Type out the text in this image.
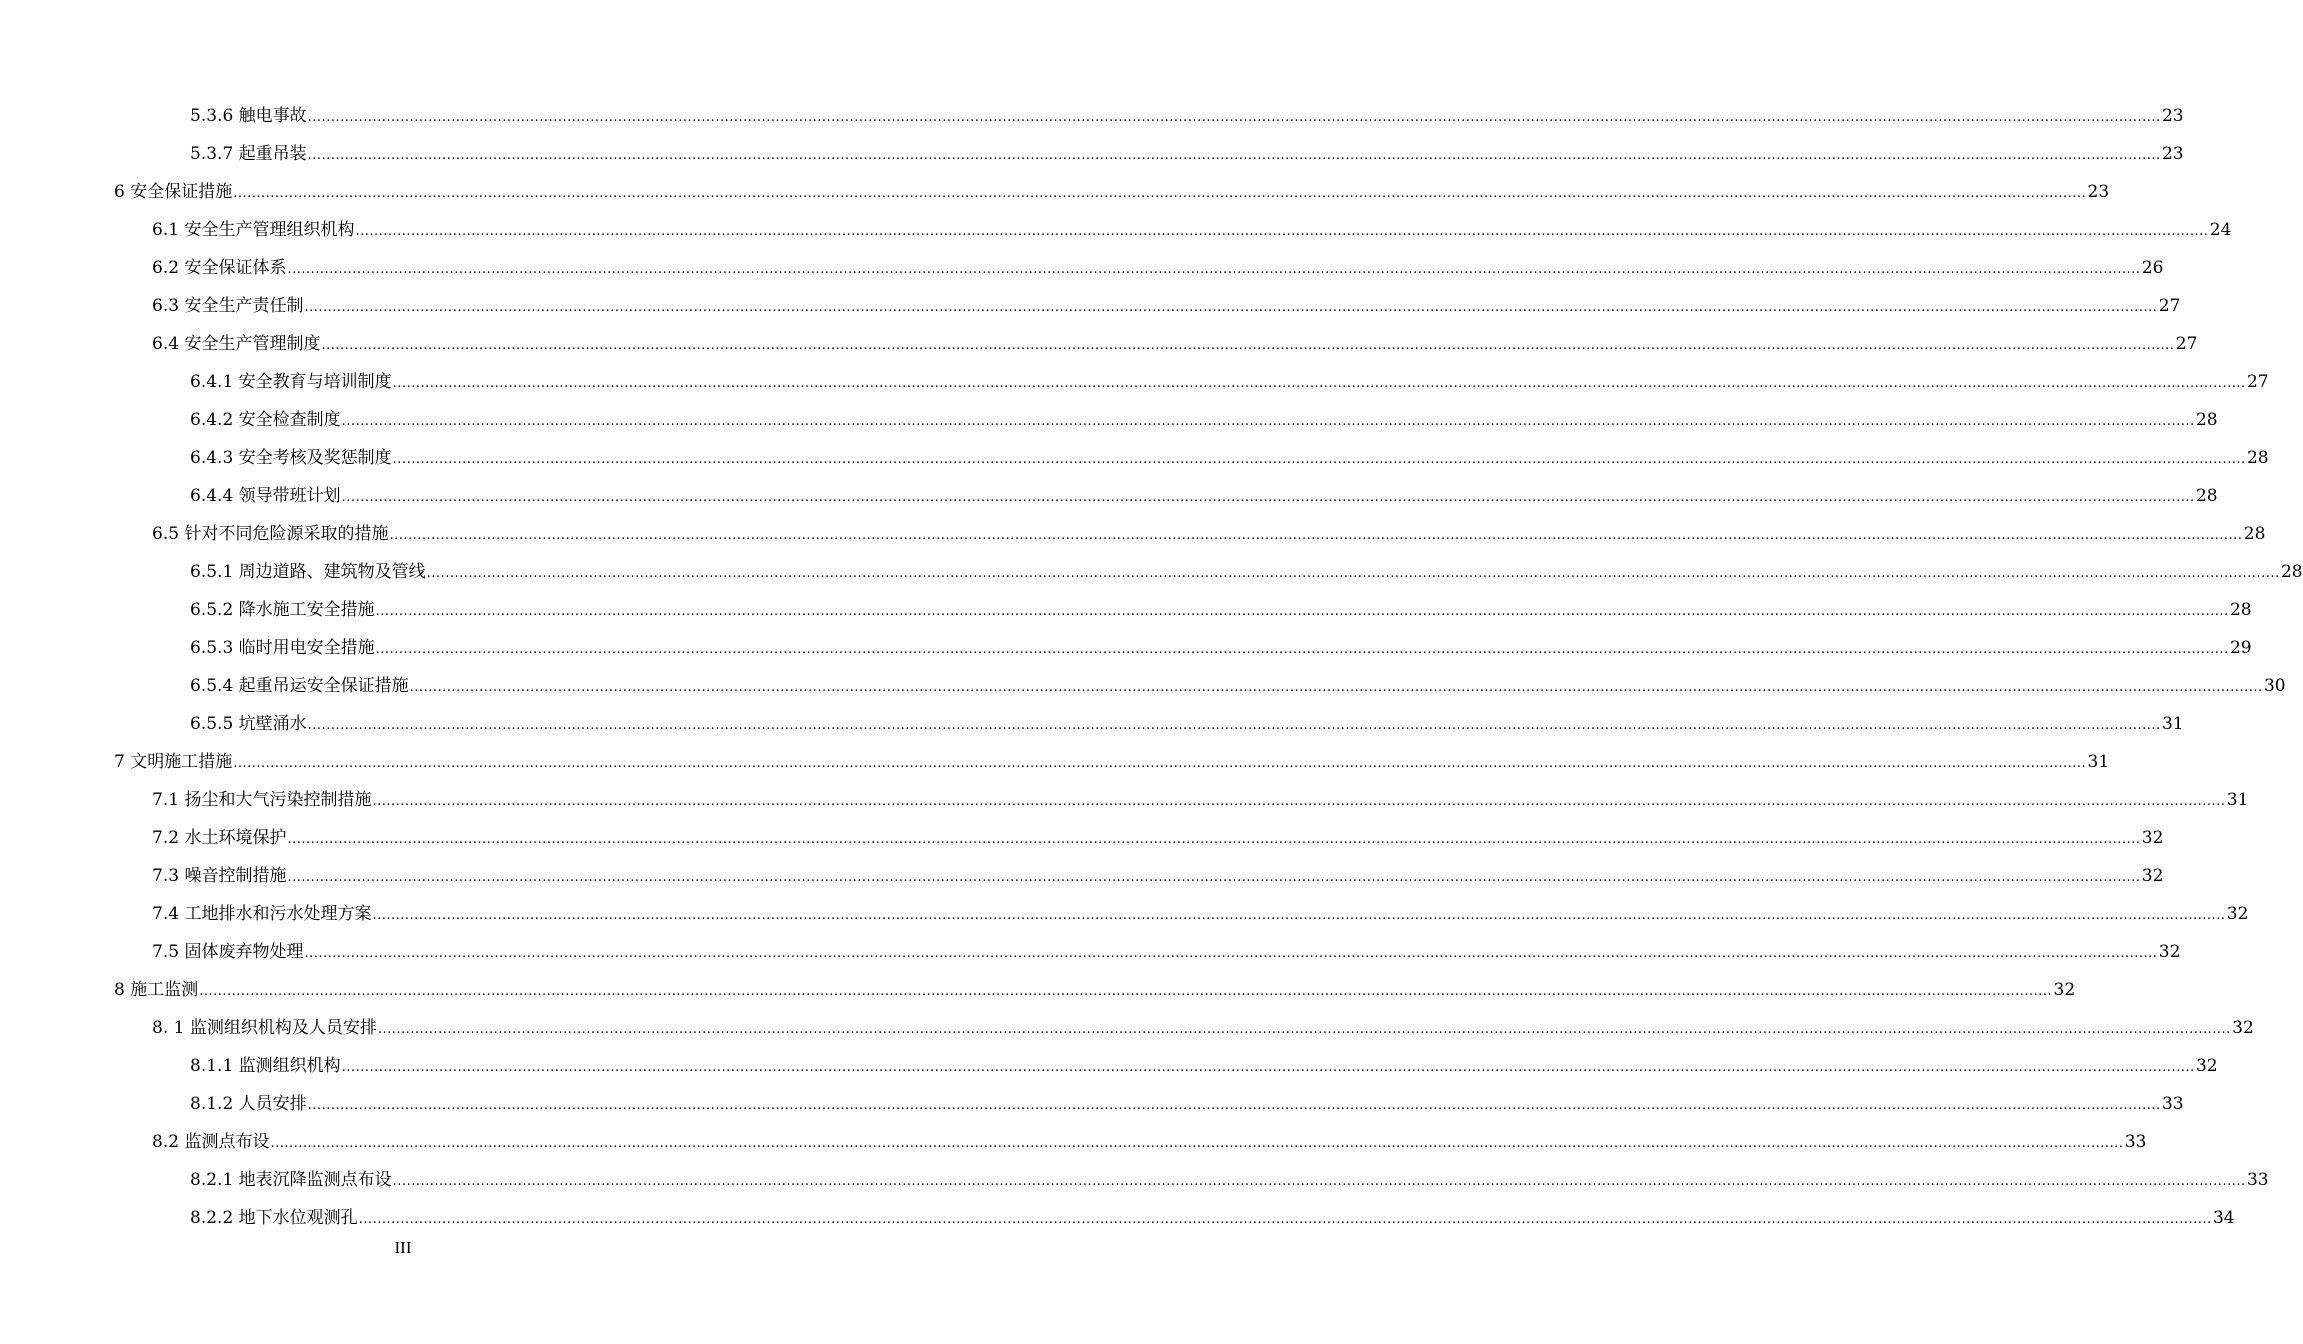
5.3.6 触电事故 ................................................................................................................................................................................................................................................................................................................................................................................................................ 23
5.3.7 起重吊装 ................................................................................................................................................................................................................................................................................................................................................................................................................ 23
6 安全保证措施 ................................................................................................................................................................................................................................................................................................................................................................................................................ 23
6.1 安全生产管理组织机构 ................................................................................................................................................................................................................................................................................................................................................................................................................ 24
6.2 安全保证体系 ................................................................................................................................................................................................................................................................................................................................................................................................................ 26
6.3 安全生产责任制 ................................................................................................................................................................................................................................................................................................................................................................................................................ 27
6.4 安全生产管理制度 ................................................................................................................................................................................................................................................................................................................................................................................................................ 27
6.4.1 安全教育与培训制度 ................................................................................................................................................................................................................................................................................................................................................................................................................ 27
6.4.2 安全检查制度 ................................................................................................................................................................................................................................................................................................................................................................................................................ 28
6.4.3 安全考核及奖惩制度 ................................................................................................................................................................................................................................................................................................................................................................................................................ 28
6.4.4 领导带班计划 ................................................................................................................................................................................................................................................................................................................................................................................................................ 28
6.5 针对不同危险源采取的措施 ................................................................................................................................................................................................................................................................................................................................................................................................................ 28
6.5.1 周边道路、建筑物及管线 ................................................................................................................................................................................................................................................................................................................................................................................................................ 28
6.5.2 降水施工安全措施 ................................................................................................................................................................................................................................................................................................................................................................................................................ 28
6.5.3 临时用电安全措施 ................................................................................................................................................................................................................................................................................................................................................................................................................ 29
6.5.4 起重吊运安全保证措施 ................................................................................................................................................................................................................................................................................................................................................................................................................ 30
6.5.5 坑壁涌水 ................................................................................................................................................................................................................................................................................................................................................................................................................ 31
7 文明施工措施 ................................................................................................................................................................................................................................................................................................................................................................................................................ 31
7.1 扬尘和大气污染控制措施 ................................................................................................................................................................................................................................................................................................................................................................................................................ 31
7.2 水土环境保护 ................................................................................................................................................................................................................................................................................................................................................................................................................ 32
7.3 噪音控制措施 ................................................................................................................................................................................................................................................................................................................................................................................................................ 32
7.4 工地排水和污水处理方案 ................................................................................................................................................................................................................................................................................................................................................................................................................ 32
7.5 固体废弃物处理 ................................................................................................................................................................................................................................................................................................................................................................................................................ 32
8 施工监测 ................................................................................................................................................................................................................................................................................................................................................................................................................ 32
8. 1 监测组织机构及人员安排 ................................................................................................................................................................................................................................................................................................................................................................................................................ 32
8.1.1 监测组织机构 ................................................................................................................................................................................................................................................................................................................................................................................................................ 32
8.1.2 人员安排 ................................................................................................................................................................................................................................................................................................................................................................................................................ 33
8.2 监测点布设 ................................................................................................................................................................................................................................................................................................................................................................................................................ 33
8.2.1 地表沉降监测点布设 ................................................................................................................................................................................................................................................................................................................................................................................................................ 33
8.2.2 地下水位观测孔 ................................................................................................................................................................................................................................................................................................................................................................................................................ 34
III
